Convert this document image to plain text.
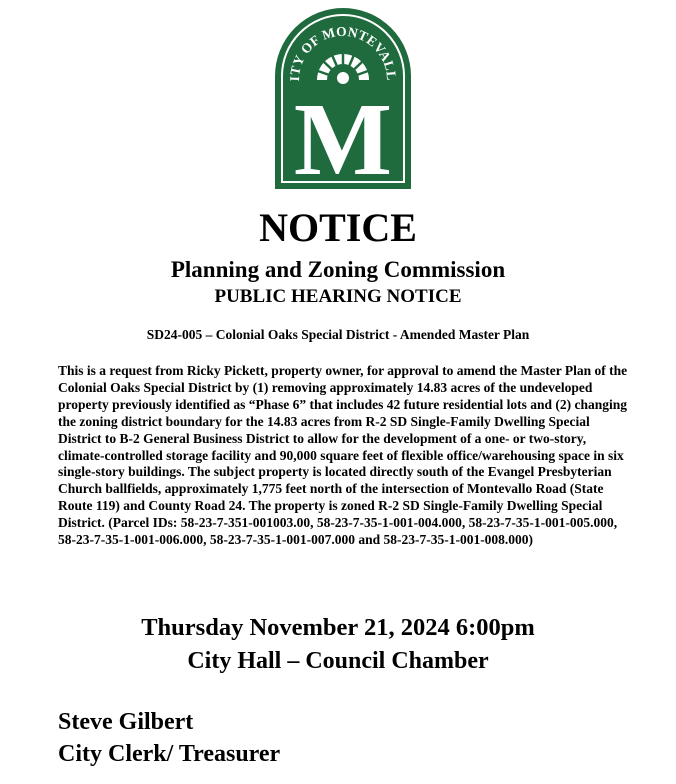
ITY OF MONTEVALL
M
NOTICE
Planning and Zoning Commission
PUBLIC HEARING NOTICE
SD24-005 – Colonial Oaks Special District - Amended Master Plan
This is a request from Ricky Pickett, property owner, for approval to amend the Master Plan of the Colonial Oaks Special District by (1) removing approximately 14.83 acres of the undeveloped property previously identified as “Phase 6” that includes 42 future residential lots and (2) changing the zoning district boundary for the 14.83 acres from R-2 SD Single-Family Dwelling Special District to B-2 General Business District to allow for the development of a one- or two-story, climate-controlled storage facility and 90,000 square feet of flexible office/warehousing space in six single-story buildings. The subject property is located directly south of the Evangel Presbyterian Church ballfields, approximately 1,775 feet north of the intersection of Montevallo Road (State Route 119) and County Road 24. The property is zoned R-2 SD Single-Family Dwelling Special District. (Parcel IDs: 58-23-7-351-001003.00, 58-23-7-35-1-001-004.000, 58-23-7-35-1-001-005.000, 58-23-7-35-1-001-006.000, 58-23-7-35-1-001-007.000 and 58-23-7-35-1-001-008.000)
Thursday November 21, 2024 6:00pm
City Hall – Council Chamber
Steve Gilbert
City Clerk/ Treasurer
